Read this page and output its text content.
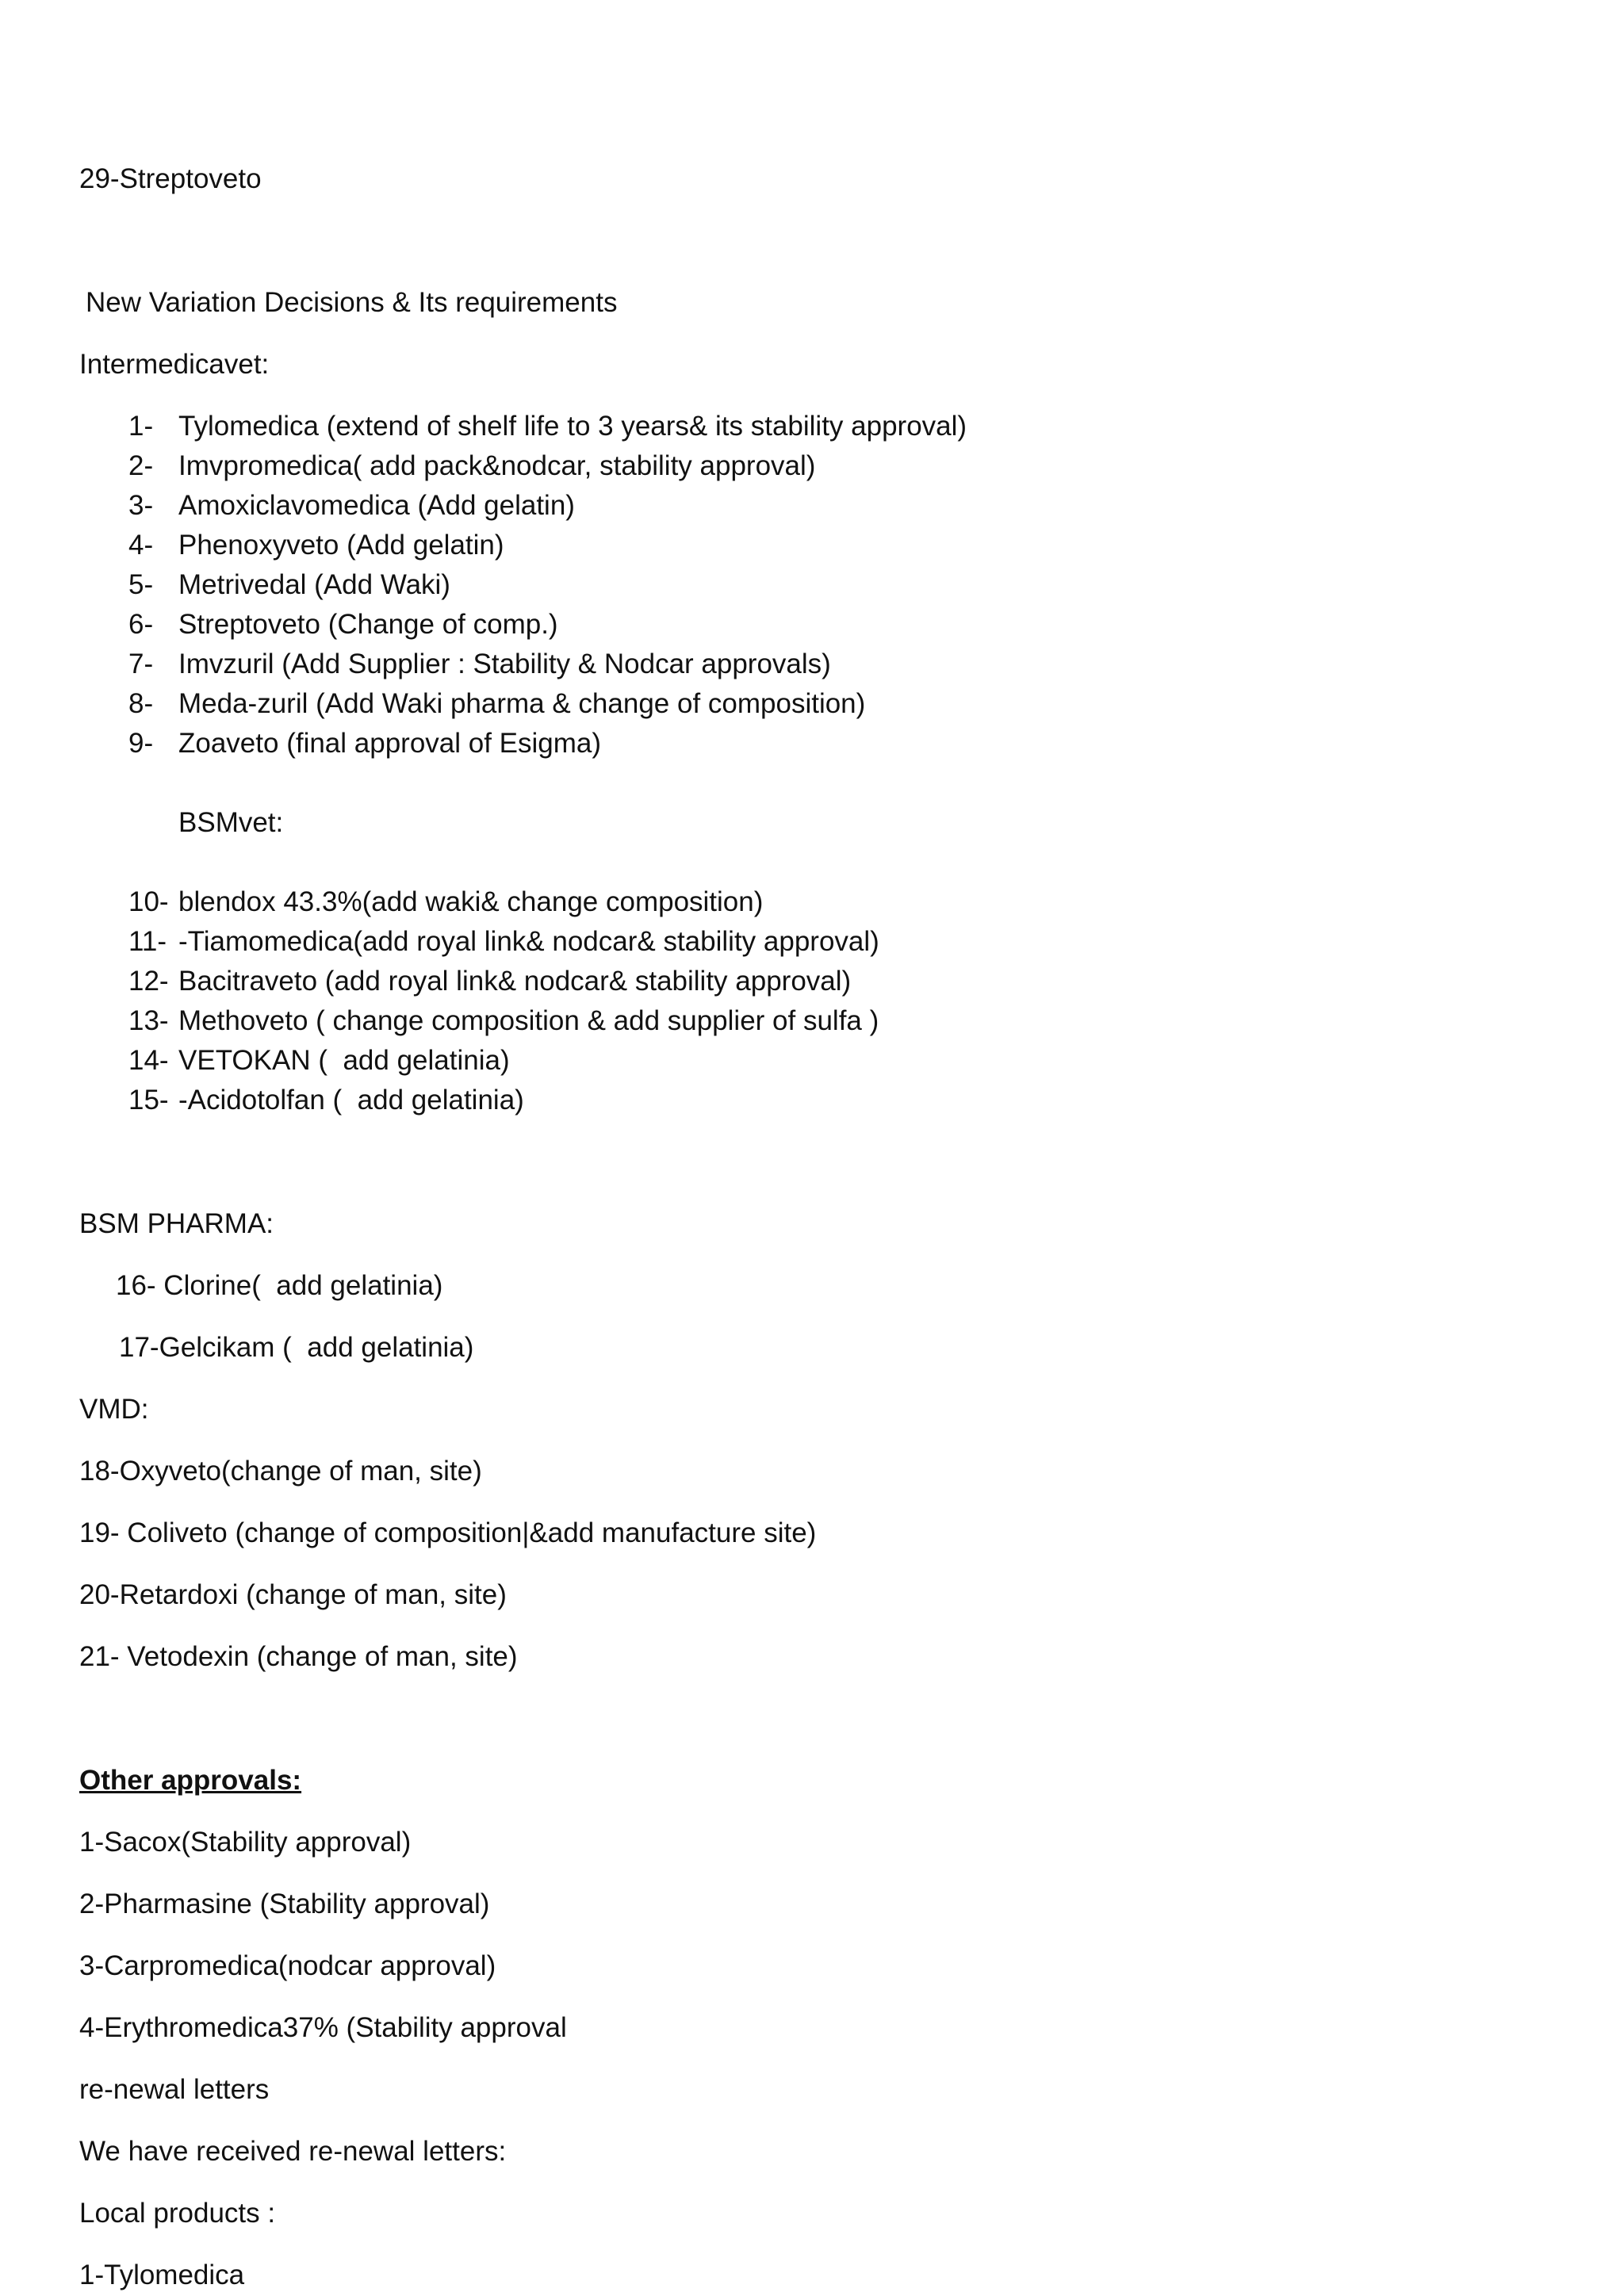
29-Streptoveto
New Variation Decisions & Its requirements
Intermedicavet:
1- Tylomedica (extend of shelf life to 3 years& its stability approval)
2- Imvpromedica( add pack&nodcar, stability approval)
3- Amoxiclavomedica (Add gelatin)
4- Phenoxyveto (Add gelatin)
5- Metrivedal (Add Waki)
6- Streptoveto (Change of comp.)
7- Imvzuril (Add Supplier : Stability & Nodcar approvals)
8- Meda-zuril (Add Waki pharma & change of composition)
9- Zoaveto (final approval of Esigma)
BSMvet:
10- blendox 43.3%(add waki& change composition)
11- -Tiamomedica(add royal link& nodcar& stability approval)
12- Bacitraveto (add royal link& nodcar& stability approval)
13- Methoveto ( change composition & add supplier of sulfa )
14- VETOKAN (  add gelatinia)
15- -Acidotolfan (  add gelatinia)
BSM PHARMA:
16- Clorine(  add gelatinia)
17-Gelcikam (  add gelatinia)
VMD:
18-Oxyveto(change of man, site)
19- Coliveto (change of composition|&add manufacture site)
20-Retardoxi (change of man, site)
21- Vetodexin (change of man, site)
Other approvals:
1-Sacox(Stability approval)
2-Pharmasine (Stability approval)
3-Carpromedica(nodcar approval)
4-Erythromedica37% (Stability approval
re-newal letters
We have received re-newal letters:
Local products :
1-Tylomedica
